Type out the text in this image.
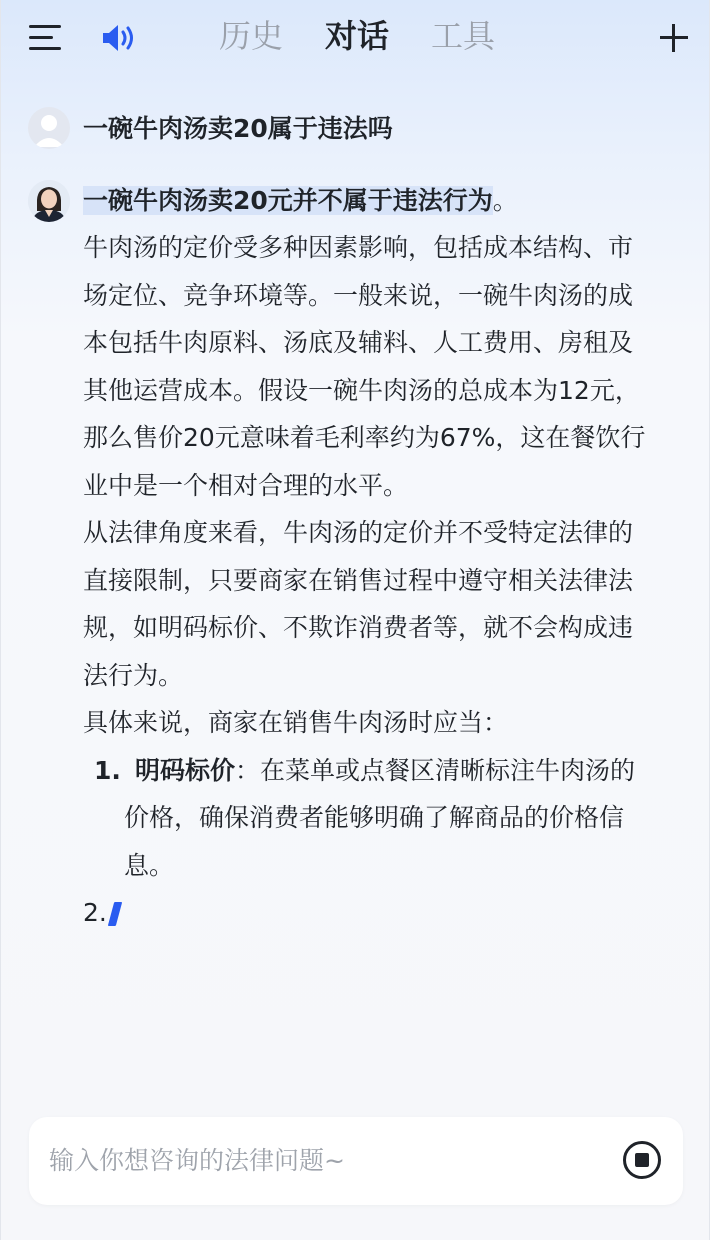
历史 对话 工具
一碗牛肉汤卖20属于违法吗
一碗牛肉汤卖20元并不属于违法行为。
牛肉汤的定价受多种因素影响，包括成本结构、市
场定位、竞争环境等。一般来说，一碗牛肉汤的成
本包括牛肉原料、汤底及辅料、人工费用、房租及
其他运营成本。假设一碗牛肉汤的总成本为12元，
那么售价20元意味着毛利率约为67%，这在餐饮行
业中是一个相对合理的水平。
从法律角度来看，牛肉汤的定价并不受特定法律的
直接限制，只要商家在销售过程中遵守相关法律法
规，如明码标价、不欺诈消费者等，就不会构成违
法行为。
具体来说，商家在销售牛肉汤时应当：
1. 明码标价：在菜单或点餐区清晰标注牛肉汤的
价格，确保消费者能够明确了解商品的价格信
息。
2.
输入你想咨询的法律问题~
